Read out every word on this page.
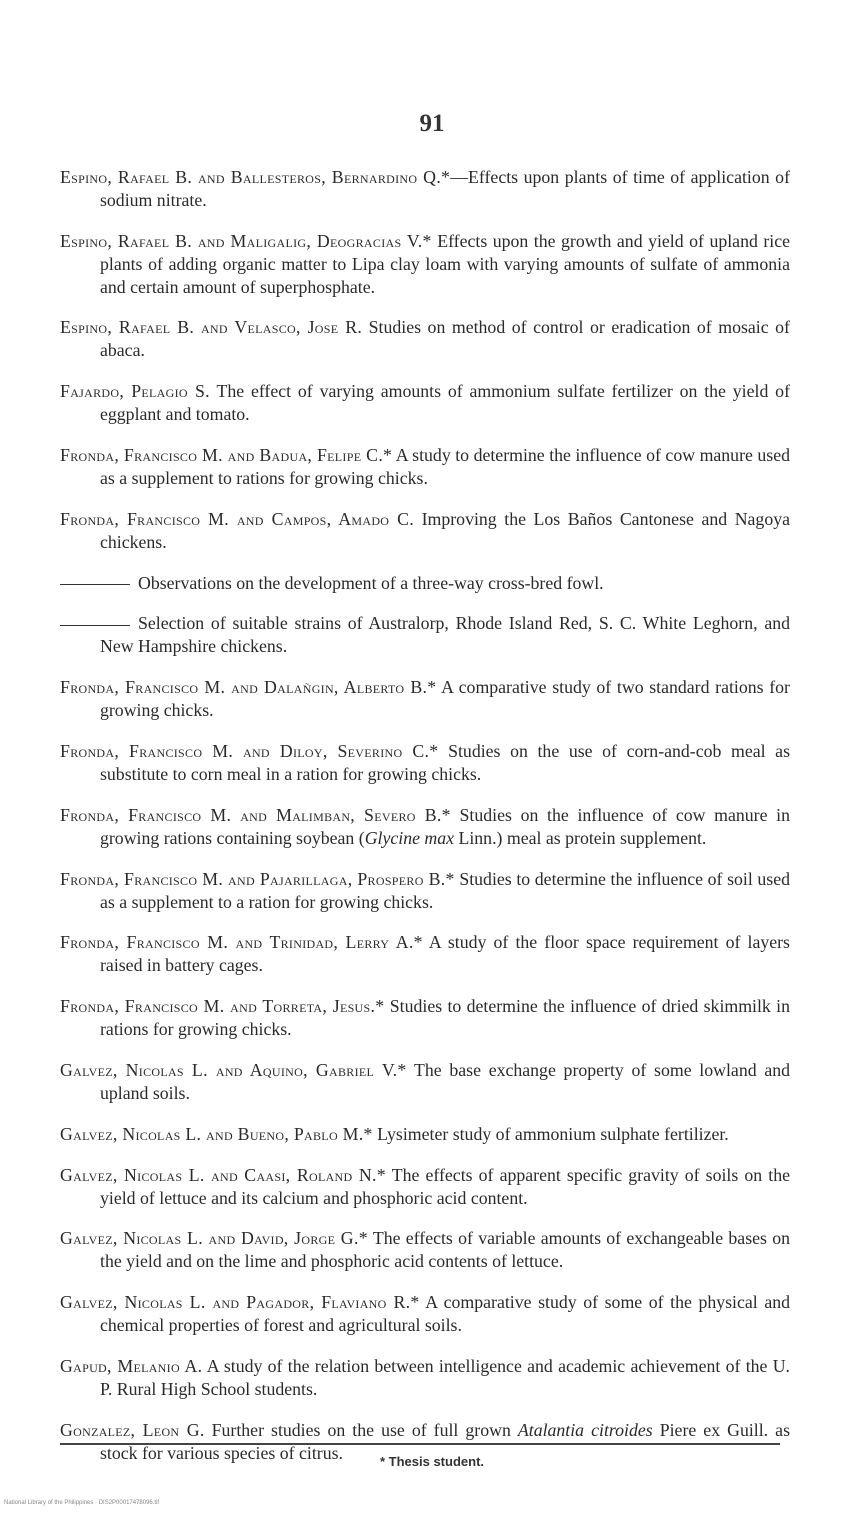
91

Espino, Rafael B. and Ballesteros, Bernardino Q.*—Effects upon plants of time of application of sodium nitrate.

Espino, Rafael B. and Maligalig, Deogracias V.* Effects upon the growth and yield of upland rice plants of adding organic matter to Lipa clay loam with varying amounts of sulfate of ammonia and certain amount of superphosphate.

Espino, Rafael B. and Velasco, Jose R. Studies on method of control or eradication of mosaic of abaca.

Fajardo, Pelagio S. The effect of varying amounts of ammonium sulfate fertilizer on the yield of eggplant and tomato.

Fronda, Francisco M. and Badua, Felipe C.* A study to determine the influence of cow manure used as a supplement to rations for growing chicks.

Fronda, Francisco M. and Campos, Amado C. Improving the Los Baños Cantonese and Nagoya chickens.

Observations on the development of a three-way cross-bred fowl.

Selection of suitable strains of Australorp, Rhode Island Red, S. C. White Leghorn, and New Hampshire chickens.

Fronda, Francisco M. and Dalañgin, Alberto B.* A comparative study of two standard rations for growing chicks.

Fronda, Francisco M. and Diloy, Severino C.* Studies on the use of corn-and-cob meal as substitute to corn meal in a ration for growing chicks.

Fronda, Francisco M. and Malimban, Severo B.* Studies on the influence of cow manure in growing rations containing soybean (Glycine max Linn.) meal as protein supplement.

Fronda, Francisco M. and Pajarillaga, Prospero B.* Studies to determine the influence of soil used as a supplement to a ration for growing chicks.

Fronda, Francisco M. and Trinidad, Lerry A.* A study of the floor space requirement of layers raised in battery cages.

Fronda, Francisco M. and Torreta, Jesus.* Studies to determine the influence of dried skimmilk in rations for growing chicks.

Galvez, Nicolas L. and Aquino, Gabriel V.* The base exchange property of some lowland and upland soils.

Galvez, Nicolas L. and Bueno, Pablo M.* Lysimeter study of ammonium sulphate fertilizer.

Galvez, Nicolas L. and Caasi, Roland N.* The effects of apparent specific gravity of soils on the yield of lettuce and its calcium and phosphoric acid content.

Galvez, Nicolas L. and David, Jorge G.* The effects of variable amounts of exchangeable bases on the yield and on the lime and phosphoric acid contents of lettuce.

Galvez, Nicolas L. and Pagador, Flaviano R.* A comparative study of some of the physical and chemical properties of forest and agricultural soils.

Gapud, Melanio A. A study of the relation between intelligence and academic achievement of the U. P. Rural High School students.

Gonzalez, Leon G. Further studies on the use of full grown Atalantia citroides Piere ex Guill. as stock for various species of citrus.	* Thesis student.
National Library of the Philippines · DIS2P00017478096.tif
